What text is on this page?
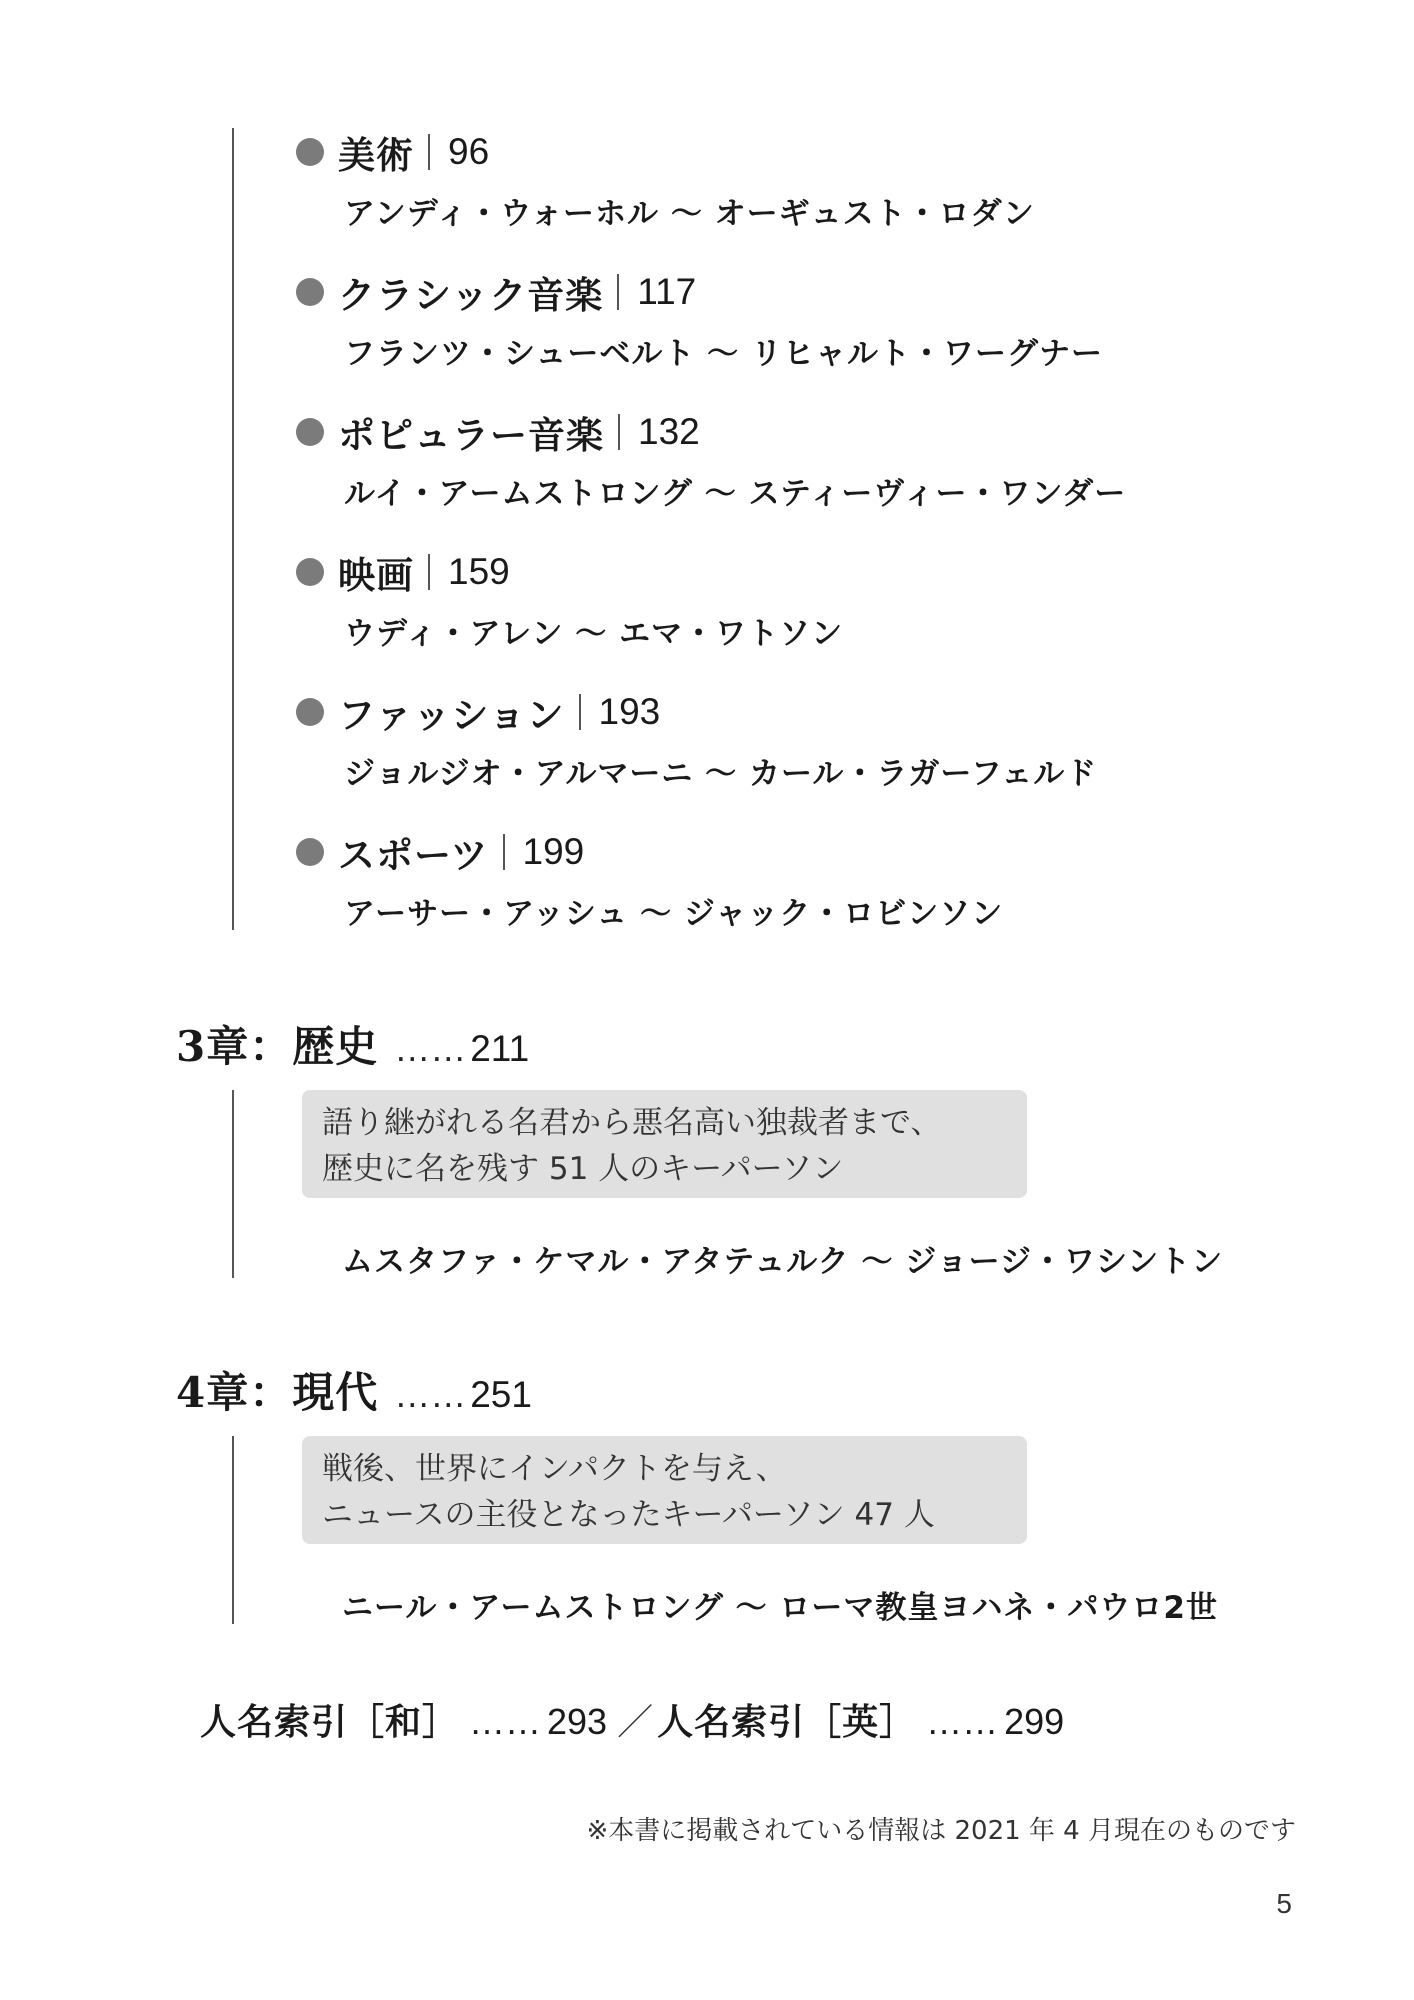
美術 96
アンディ・ウォーホル 〜 オーギュスト・ロダン
クラシック音楽 117
フランツ・シューベルト 〜 リヒャルト・ワーグナー
ポピュラー音楽 132
ルイ・アームストロング 〜 スティーヴィー・ワンダー
映画 159
ウディ・アレン 〜 エマ・ワトソン
ファッション 193
ジョルジオ・アルマーニ 〜 カール・ラガーフェルド
スポーツ 199
アーサー・アッシュ 〜 ジャック・ロビンソン
3章：歴史 …… 211
語り継がれる名君から悪名高い独裁者まで、
歴史に名を残す 51 人のキーパーソン
ムスタファ・ケマル・アタテュルク 〜 ジョージ・ワシントン
4章：現代 …… 251
戦後、世界にインパクトを与え、
ニュースの主役となったキーパーソン 47 人
ニール・アームストロング 〜 ローマ教皇ヨハネ・パウロ2世
人名索引［和］ …… 293 ／ 人名索引［英］ …… 299
※本書に掲載されている情報は 2021 年 4 月現在のものです
5
